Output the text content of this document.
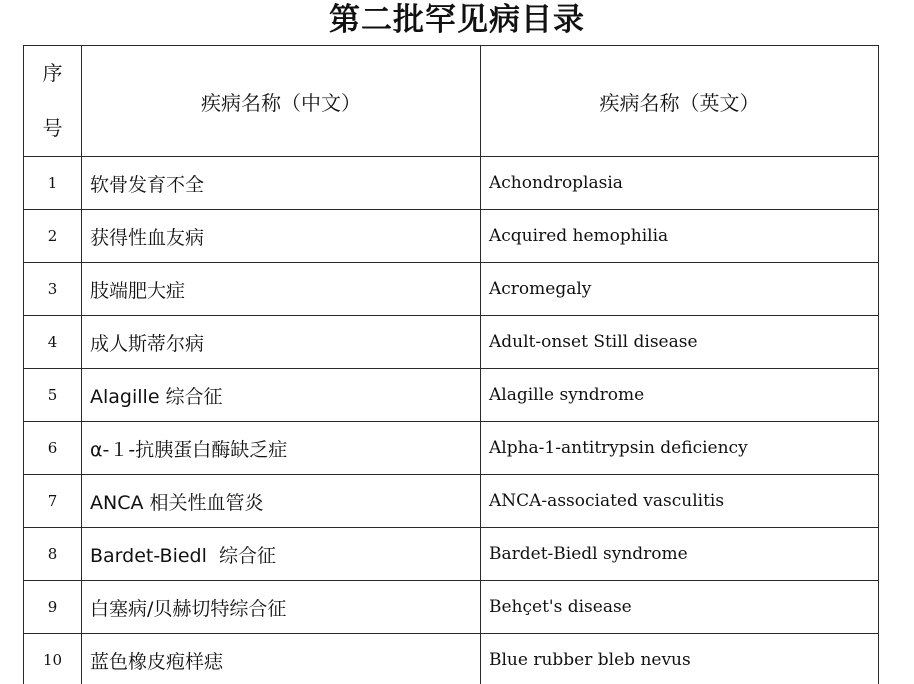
第二批罕见病目录
序号	疾病名称（中文）	疾病名称（英文）
1	软骨发育不全	Achondroplasia
2	获得性血友病	Acquired hemophilia
3	肢端肥大症	Acromegaly
4	成人斯蒂尔病	Adult-onset Still disease
5	Alagille 综合征	Alagille syndrome
6	α-１-抗胰蛋白酶缺乏症	Alpha-1-antitrypsin deficiency
7	ANCA 相关性血管炎	ANCA-associated vasculitis
8	Bardet-Biedl  综合征	Bardet-Biedl syndrome
9	白塞病/贝赫切特综合征	Behçet's disease
10	蓝色橡皮疱样痣	Blue rubber bleb nevus
